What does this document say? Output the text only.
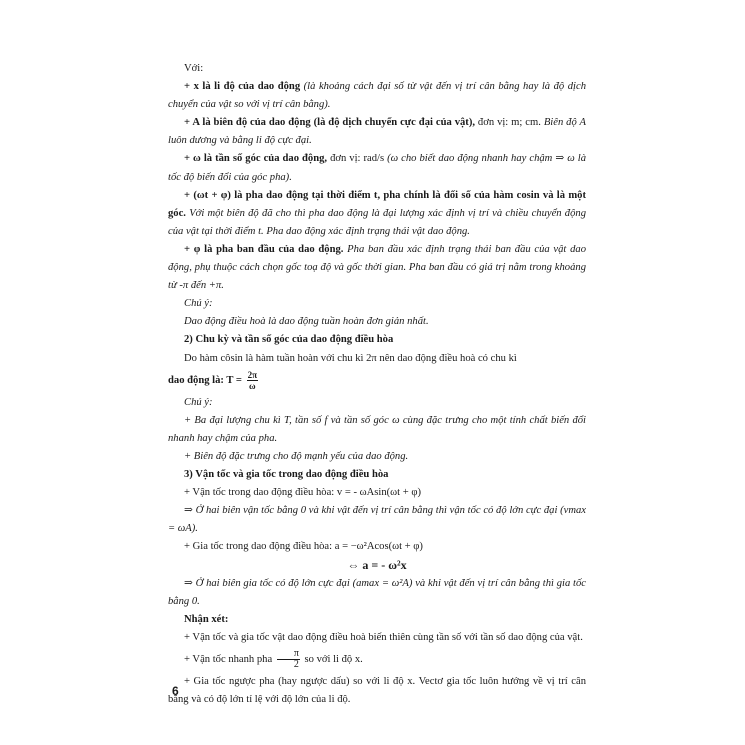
Với:

+ x là li độ của dao động (là khoảng cách đại số từ vật đến vị trí cân bằng hay là độ dịch chuyển của vật so với vị trí cân bằng).

+ A là biên độ của dao động (là độ dịch chuyển cực đại của vật), đơn vị: m; cm. Biên độ A luôn dương và bằng li độ cực đại.

+ ω là tần số góc của dao động, đơn vị: rad/s (ω cho biết dao động nhanh hay chậm ⇒ ω là tốc độ biến đổi của góc pha).

+ (ωt + φ) là pha dao động tại thời điểm t, pha chính là đối số của hàm cosin và là một góc. Với một biên độ đã cho thì pha dao động là đại lượng xác định vị trí và chiều chuyển động của vật tại thời điểm t. Pha dao động xác định trạng thái vật dao động.

+ φ là pha ban đầu của dao động. Pha ban đầu xác định trạng thái ban đầu của vật dao động, phụ thuộc cách chọn gốc toạ độ và gốc thời gian. Pha ban đầu có giá trị nằm trong khoảng từ -π đến +π.

Chú ý:

Dao động điều hoà là dao động tuần hoàn đơn giản nhất.

2) Chu kỳ và tần số góc của dao động điều hòa

Do hàm côsin là hàm tuần hoàn với chu kì 2π nên dao động điều hoà có chu kì

dao động là: $T = \frac{2\pi}{\omega}$

Chú ý:

+ Ba đại lượng chu kì T, tần số f và tần số góc ω cùng đặc trưng cho một tính chất biến đổi nhanh hay chậm của pha.

+ Biên độ đặc trưng cho độ mạnh yếu của dao động.

3) Vận tốc và gia tốc trong dao động điều hòa

+ Vận tốc trong dao động điều hòa: v = - ωAsin(ωt + φ)

⇒ Ở hai biên vận tốc bằng 0 và khi vật đến vị trí cân bằng thì vận tốc có độ lớn cực đại (vmax = ωA).

+ Gia tốc trong dao động điều hòa: a = −ω²Acos(ωt + φ)

⇔ a = - ω²x

⇒ Ở hai biên gia tốc có độ lớn cực đại (amax = ω²A) và khi vật đến vị trí cân bằng thì gia tốc bằng 0.

Nhận xét:

+ Vận tốc và gia tốc vật dao động điều hoà biến thiên cùng tần số với tần số dao động của vật.

+ Vận tốc nhanh pha $\frac{\pi}{2}$ so với li độ x.

+ Gia tốc ngược pha (hay ngược dấu) so với li độ x. Vectơ gia tốc luôn hướng về vị trí cân bằng và có độ lớn tỉ lệ với độ lớn của li độ.

6
